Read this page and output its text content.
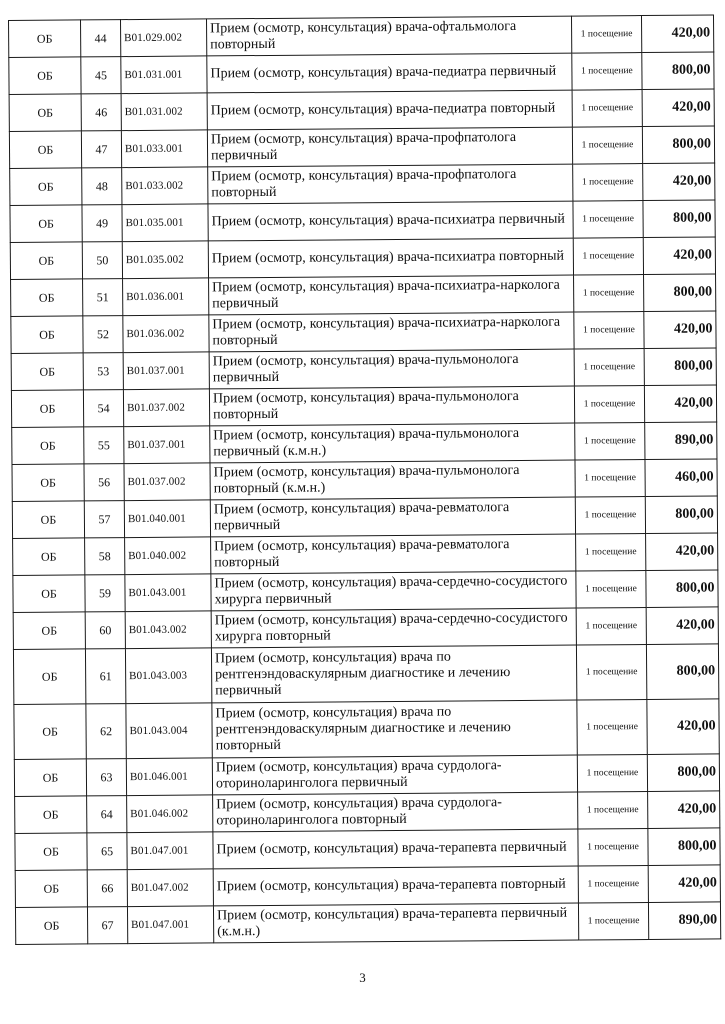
ОБ	44	B01.029.002	Прием (осмотр, консультация) врача-офтальмолога повторный	1 посещение	420,00
ОБ	45	B01.031.001	Прием (осмотр, консультация) врача-педиатра первичный	1 посещение	800,00
ОБ	46	B01.031.002	Прием (осмотр, консультация) врача-педиатра повторный	1 посещение	420,00
ОБ	47	B01.033.001	Прием (осмотр, консультация) врача-профпатолога первичный	1 посещение	800,00
ОБ	48	B01.033.002	Прием (осмотр, консультация) врача-профпатолога повторный	1 посещение	420,00
ОБ	49	B01.035.001	Прием (осмотр, консультация) врача-психиатра первичный	1 посещение	800,00
ОБ	50	B01.035.002	Прием (осмотр, консультация) врача-психиатра повторный	1 посещение	420,00
ОБ	51	B01.036.001	Прием (осмотр, консультация) врача-психиатра-нарколога первичный	1 посещение	800,00
ОБ	52	B01.036.002	Прием (осмотр, консультация) врача-психиатра-нарколога повторный	1 посещение	420,00
ОБ	53	B01.037.001	Прием (осмотр, консультация) врача-пульмонолога первичный	1 посещение	800,00
ОБ	54	B01.037.002	Прием (осмотр, консультация) врача-пульмонолога повторный	1 посещение	420,00
ОБ	55	B01.037.001	Прием (осмотр, консультация) врача-пульмонолога первичный (к.м.н.)	1 посещение	890,00
ОБ	56	B01.037.002	Прием (осмотр, консультация) врача-пульмонолога повторный (к.м.н.)	1 посещение	460,00
ОБ	57	B01.040.001	Прием (осмотр, консультация) врача-ревматолога первичный	1 посещение	800,00
ОБ	58	B01.040.002	Прием (осмотр, консультация) врача-ревматолога повторный	1 посещение	420,00
ОБ	59	B01.043.001	Прием (осмотр, консультация) врача-сердечно-сосудистого хирурга первичный	1 посещение	800,00
ОБ	60	B01.043.002	Прием (осмотр, консультация) врача-сердечно-сосудистого хирурга повторный	1 посещение	420,00
ОБ	61	B01.043.003	Прием (осмотр, консультация) врача по рентгенэндоваскулярным диагностике и лечению первичный	1 посещение	800,00
ОБ	62	B01.043.004	Прием (осмотр, консультация) врача по рентгенэндоваскулярным диагностике и лечению повторный	1 посещение	420,00
ОБ	63	B01.046.001	Прием (осмотр, консультация) врача сурдолога-оториноларинголога первичный	1 посещение	800,00
ОБ	64	B01.046.002	Прием (осмотр, консультация) врача сурдолога-оториноларинголога повторный	1 посещение	420,00
ОБ	65	B01.047.001	Прием (осмотр, консультация) врача-терапевта первичный	1 посещение	800,00
ОБ	66	B01.047.002	Прием (осмотр, консультация) врача-терапевта повторный	1 посещение	420,00
ОБ	67	B01.047.001	Прием (осмотр, консультация) врача-терапевта первичный (к.м.н.)	1 посещение	890,00
3
